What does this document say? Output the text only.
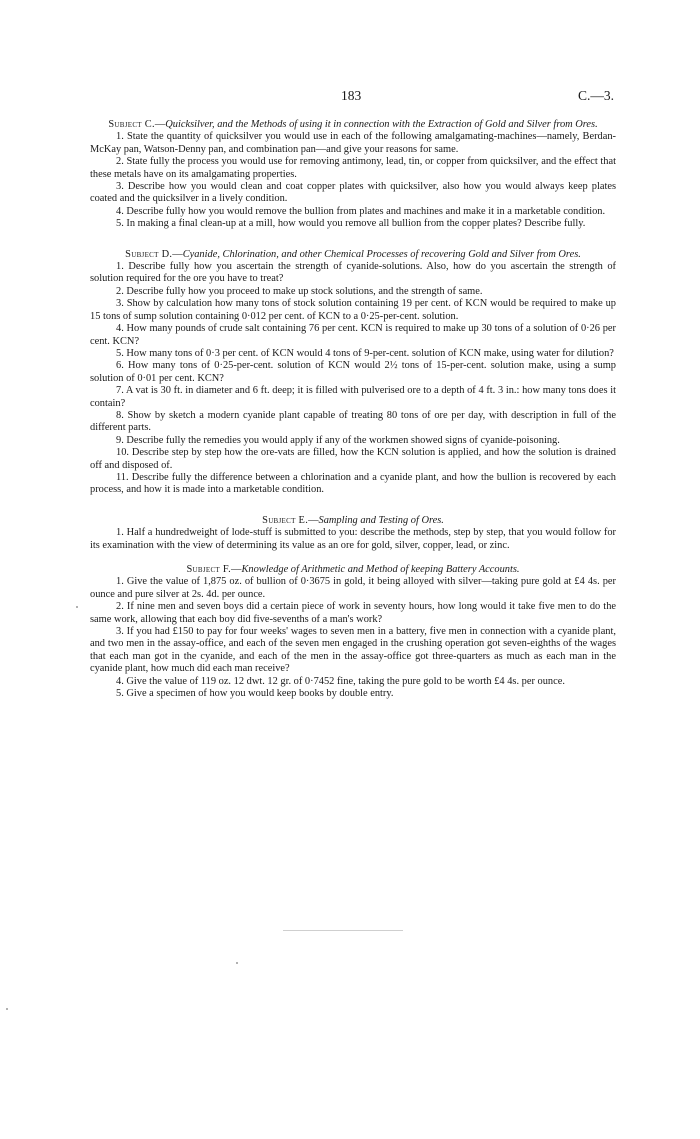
183	C.—3.

Subject C.—Quicksilver, and the Methods of using it in connection with the Extraction of Gold and Silver from Ores.

1. State the quantity of quicksilver you would use in each of the following amalgamating-machines—namely, Berdan-McKay pan, Watson-Denny pan, and combination pan—and give your reasons for same.

2. State fully the process you would use for removing antimony, lead, tin, or copper from quicksilver, and the effect that these metals have on its amalgamating properties.

3. Describe how you would clean and coat copper plates with quicksilver, also how you would always keep plates coated and the quicksilver in a lively condition.

4. Describe fully how you would remove the bullion from plates and machines and make it in a marketable condition.

5. In making a final clean-up at a mill, how would you remove all bullion from the copper plates? Describe fully.

Subject D.—Cyanide, Chlorination, and other Chemical Processes of recovering Gold and Silver from Ores.

1. Describe fully how you ascertain the strength of cyanide-solutions. Also, how do you ascertain the strength of solution required for the ore you have to treat?

2. Describe fully how you proceed to make up stock solutions, and the strength of same.

3. Show by calculation how many tons of stock solution containing 19 per cent. of KCN would be required to make up 15 tons of sump solution containing 0·012 per cent. of KCN to a 0·25-per-cent. solution.

4. How many pounds of crude salt containing 76 per cent. KCN is required to make up 30 tons of a solution of 0·26 per cent. KCN?

5. How many tons of 0·3 per cent. of KCN would 4 tons of 9-per-cent. solution of KCN make, using water for dilution?

6. How many tons of 0·25-per-cent. solution of KCN would 2½ tons of 15-per-cent. solution make, using a sump solution of 0·01 per cent. KCN?

7. A vat is 30 ft. in diameter and 6 ft. deep; it is filled with pulverised ore to a depth of 4 ft. 3 in.: how many tons does it contain?

8. Show by sketch a modern cyanide plant capable of treating 80 tons of ore per day, with description in full of the different parts.

9. Describe fully the remedies you would apply if any of the workmen showed signs of cyanide-poisoning.

10. Describe step by step how the ore-vats are filled, how the KCN solution is applied, and how the solution is drained off and disposed of.

11. Describe fully the difference between a chlorination and a cyanide plant, and how the bullion is recovered by each process, and how it is made into a marketable condition.

Subject E.—Sampling and Testing of Ores.

1. Half a hundredweight of lode-stuff is submitted to you: describe the methods, step by step, that you would follow for its examination with the view of determining its value as an ore for gold, silver, copper, lead, or zinc.

Subject F.—Knowledge of Arithmetic and Method of keeping Battery Accounts.

1. Give the value of 1,875 oz. of bullion of 0·3675 in gold, it being alloyed with silver—taking pure gold at £4 4s. per ounce and pure silver at 2s. 4d. per ounce.

2. If nine men and seven boys did a certain piece of work in seventy hours, how long would it take five men to do the same work, allowing that each boy did five-sevenths of a man's work?

3. If you had £150 to pay for four weeks' wages to seven men in a battery, five men in connection with a cyanide plant, and two men in the assay-office, and each of the seven men engaged in the crushing operation got seven-eighths of the wages that each man got in the cyanide, and each of the men in the assay-office got three-quarters as much as each man in the cyanide plant, how much did each man receive?

4. Give the value of 119 oz. 12 dwt. 12 gr. of 0·7452 fine, taking the pure gold to be worth £4 4s. per ounce.

5. Give a specimen of how you would keep books by double entry.
